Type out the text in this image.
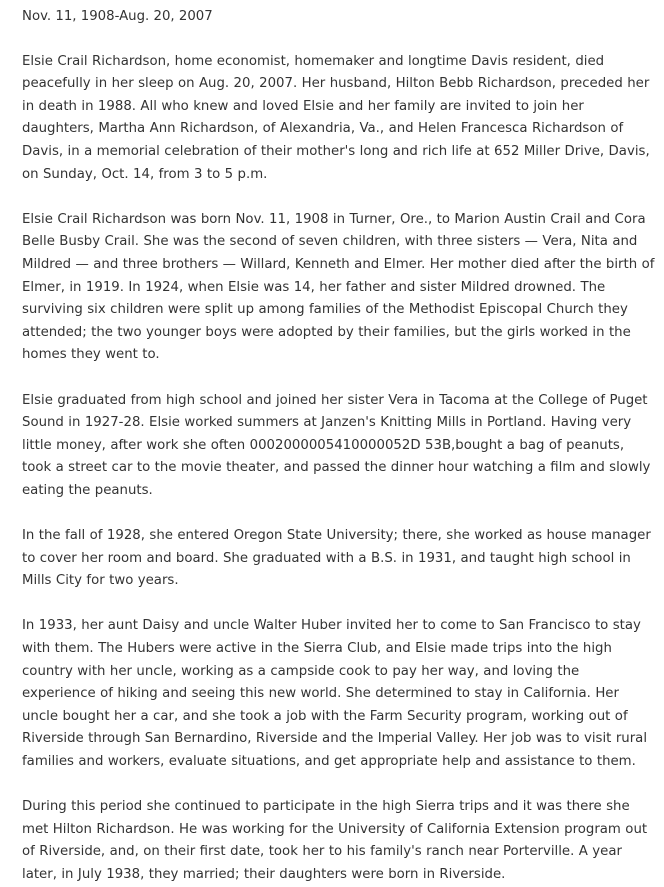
Nov. 11, 1908-Aug. 20, 2007

Elsie Crail Richardson, home economist, homemaker and longtime Davis resident, died peacefully in her sleep on Aug. 20, 2007. Her husband, Hilton Bebb Richardson, preceded her in death in 1988. All who knew and loved Elsie and her family are invited to join her daughters, Martha Ann Richardson, of Alexandria, Va., and Helen Francesca Richardson of Davis, in a memorial celebration of their mother's long and rich life at 652 Miller Drive, Davis, on Sunday, Oct. 14, from 3 to 5 p.m.

Elsie Crail Richardson was born Nov. 11, 1908 in Turner, Ore., to Marion Austin Crail and Cora Belle Busby Crail. She was the second of seven children, with three sisters — Vera, Nita and Mildred — and three brothers — Willard, Kenneth and Elmer. Her mother died after the birth of Elmer, in 1919. In 1924, when Elsie was 14, her father and sister Mildred drowned. The surviving six children were split up among families of the Methodist Episcopal Church they attended; the two younger boys were adopted by their families, but the girls worked in the homes they went to.

Elsie graduated from high school and joined her sister Vera in Tacoma at the College of Puget Sound in 1927-28. Elsie worked summers at Janzen's Knitting Mills in Portland. Having very little money, after work she often 0002000005410000052D 53B,bought a bag of peanuts, took a street car to the movie theater, and passed the dinner hour watching a film and slowly eating the peanuts.

In the fall of 1928, she entered Oregon State University; there, she worked as house manager to cover her room and board. She graduated with a B.S. in 1931, and taught high school in Mills City for two years.

In 1933, her aunt Daisy and uncle Walter Huber invited her to come to San Francisco to stay with them. The Hubers were active in the Sierra Club, and Elsie made trips into the high country with her uncle, working as a campside cook to pay her way, and loving the experience of hiking and seeing this new world. She determined to stay in California. Her uncle bought her a car, and she took a job with the Farm Security program, working out of Riverside through San Bernardino, Riverside and the Imperial Valley. Her job was to visit rural families and workers, evaluate situations, and get appropriate help and assistance to them.

During this period she continued to participate in the high Sierra trips and it was there she met Hilton Richardson. He was working for the University of California Extension program out of Riverside, and, on their first date, took her to his family's ranch near Porterville. A year later, in July 1938, they married; their daughters were born in Riverside.
